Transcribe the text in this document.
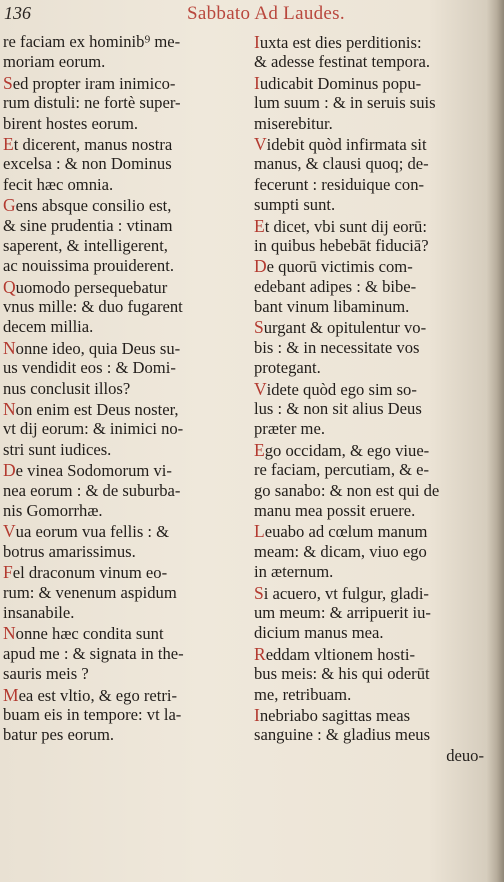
136	Sabbato Ad Laudes.
re faciam ex hominib⁹ me-
moriam eorum.
Sed propter iram inimico-
rum distuli: ne fortè super-
birent hostes eorum.
Et dicerent, manus nostra
excelsa : & non Dominus
fecit hæc omnia.
Gens absque consilio est,
& sine prudentia : vtinam
saperent, & intelligerent,
ac nouissima prouiderent.
Quomodo persequebatur
vnus mille: & duo fugarent
decem millia.
Nonne ideo, quia Deus su-
us vendidit eos : & Domi-
nus conclusit illos?
Non enim est Deus noster,
vt dij eorum: & inimici no-
stri sunt iudices.
De vinea Sodomorum vi-
nea eorum : & de suburba-
nis Gomorrhæ.
Vua eorum vua fellis : &
botrus amarissimus.
Fel draconum vinum eo-
rum: & venenum aspidum
insanabile.
Nonne hæc condita sunt
apud me : & signata in the-
sauris meis ?
Mea est vltio, & ego retri-
buam eis in tempore: vt la-
batur pes eorum.
Iuxta est dies perditionis:
& adesse festinat tempora.
Iudicabit Dominus popu-
lum suum : & in seruis suis
miserebitur.
Videbit quòd infirmata sit
manus, & clausi quoq; de-
fecerunt : residuique con-
sumpti sunt.
Et dicet, vbi sunt dij eorū:
in quibus hebebāt fiduciā?
De quorū victimis com-
edebant adipes : & bibe-
bant vinum libaminum.
Surgant & opitulentur vo-
bis : & in necessitate vos
protegant.
Videte quòd ego sim so-
lus : & non sit alius Deus
præter me.
Ego occidam, & ego viue-
re faciam, percutiam, & e-
go sanabo: & non est qui de
manu mea possit eruere.
Leuabo ad cœlum manum
meam: & dicam, viuo ego
in æternum.
Si acuero, vt fulgur, gladi-
um meum: & arripuerit iu-
dicium manus mea.
Reddam vltionem hosti-
bus meis: & his qui oderūt
me, retribuam.
Inebriabo sagittas meas
sanguine : & gladius meus
deuo-
